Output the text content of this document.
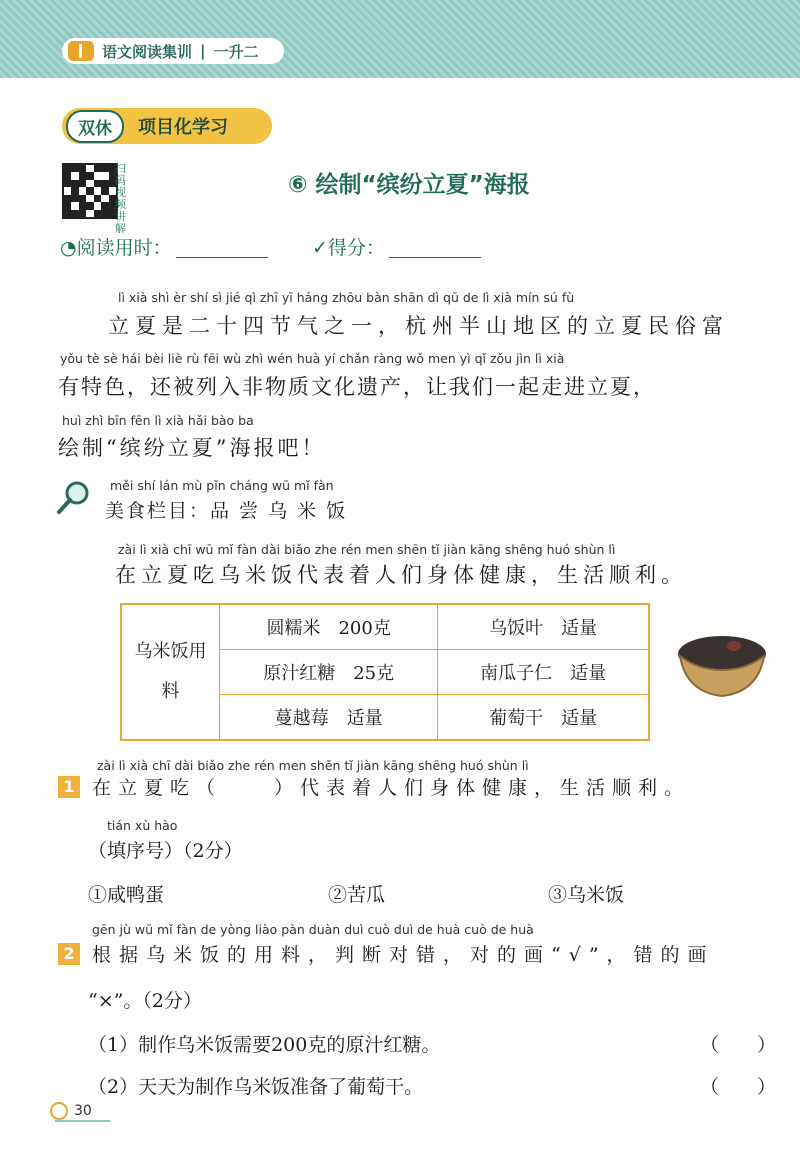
语文阅读集训 | 一升二
双休	项目化学习
扫码视频讲解
⑥ 绘制“缤纷立夏”海报
◔阅读用时：	✓得分：
lì xià shì èr shí sì jié qì zhī yī háng zhōu bàn shān dì qū de lì xià mín sú fù
立夏是二十四节气之一，杭州半山地区的立夏民俗富
yǒu tè sè hái bèi liè rù fēi wù zhì wén huà yí chǎn ràng wǒ men yì qǐ zǒu jìn lì xià
有特色，还被列入非物质文化遗产，让我们一起走进立夏，
huì zhì bīn fēn lì xià hǎi bào ba
绘制“缤纷立夏”海报吧！
měi shí lán mù pǐn cháng wū mǐ fàn
美食栏目：品 尝 乌 米 饭
zài lì xià chī wū mǐ fàn dài biǎo zhe rén men shēn tǐ jiàn kāng shēng huó shùn lì
在立夏吃乌米饭代表着人们身体健康，生活顺利。
乌米饭用料	圆糯米　200克	乌饭叶　适量
	原汁红糖　25克	南瓜子仁　适量
	蔓越莓　适量	葡萄干　适量
zài lì xià chī dài biǎo zhe rén men shēn tǐ jiàn kāng shēng huó shùn lì
1 在立夏吃（　　）代表着人们身体健康，生活顺利。
tián xù hào
（填序号）（2分）
①咸鸭蛋	②苦瓜	③乌米饭
gēn jù wū mǐ fàn de yòng liào pàn duàn duì cuò duì de huà cuò de huà
2 根据乌米饭的用料，判断对错，对的画“√”，错的画
“×”。（2分）
（1）制作乌米饭需要200克的原汁红糖。	（　　）
（2）天天为制作乌米饭准备了葡萄干。	（　　）
30
